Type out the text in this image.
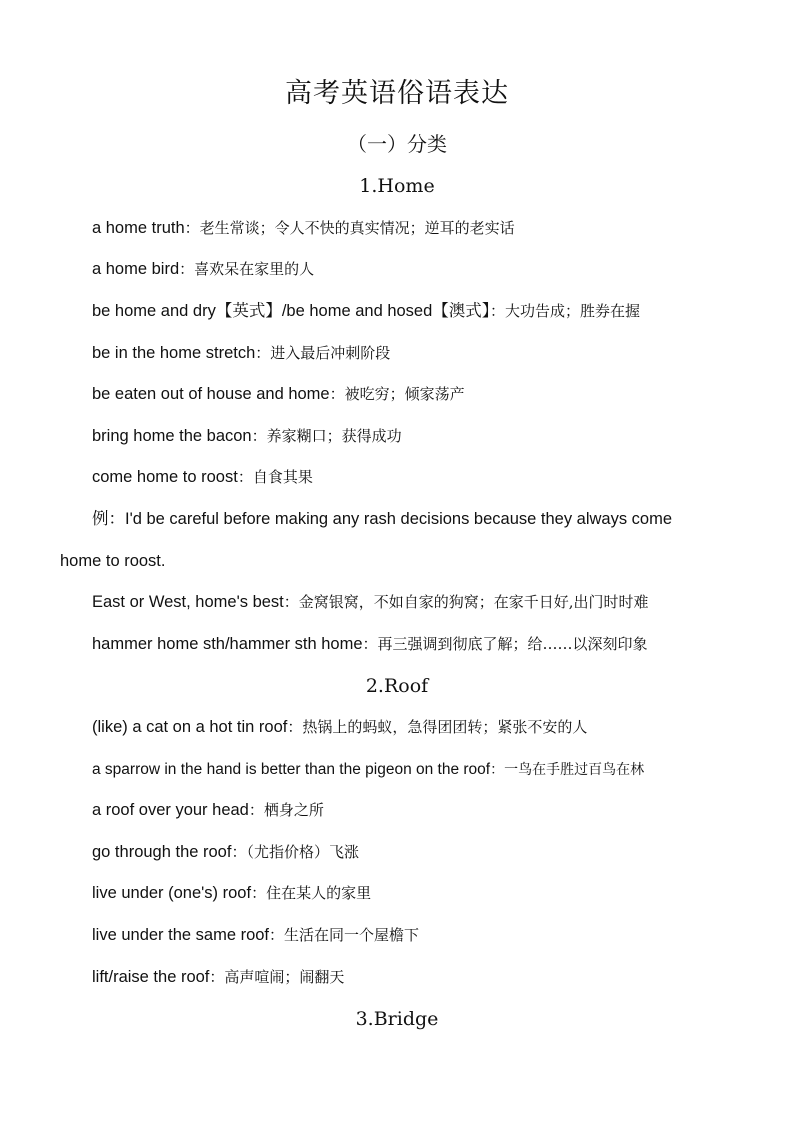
高考英语俗语表达
（一）分类
1.Home
a home truth：老生常谈；令人不快的真实情况；逆耳的老实话
a home bird：喜欢呆在家里的人
be home and dry【英式】/be home and hosed【澳式】：大功告成；胜券在握
be in the home stretch：进入最后冲刺阶段
be eaten out of house and home：被吃穷；倾家荡产
bring home the bacon：养家糊口；获得成功
come home to roost：自食其果
例：I'd be careful before making any rash decisions because they always come
home to roost.
East or West, home's best：金窝银窝，不如自家的狗窝；在家千日好,出门时时难
hammer home sth/hammer sth home：再三强调到彻底了解；给……以深刻印象
2.Roof
(like) a cat on a hot tin roof：热锅上的蚂蚁，急得团团转；紧张不安的人
a sparrow in the hand is better than the pigeon on the roof：一鸟在手胜过百鸟在林
a roof over your head：栖身之所
go through the roof：（尤指价格）飞涨
live under (one's) roof：住在某人的家里
live under the same roof：生活在同一个屋檐下
lift/raise the roof：高声喧闹；闹翻天
3.Bridge
